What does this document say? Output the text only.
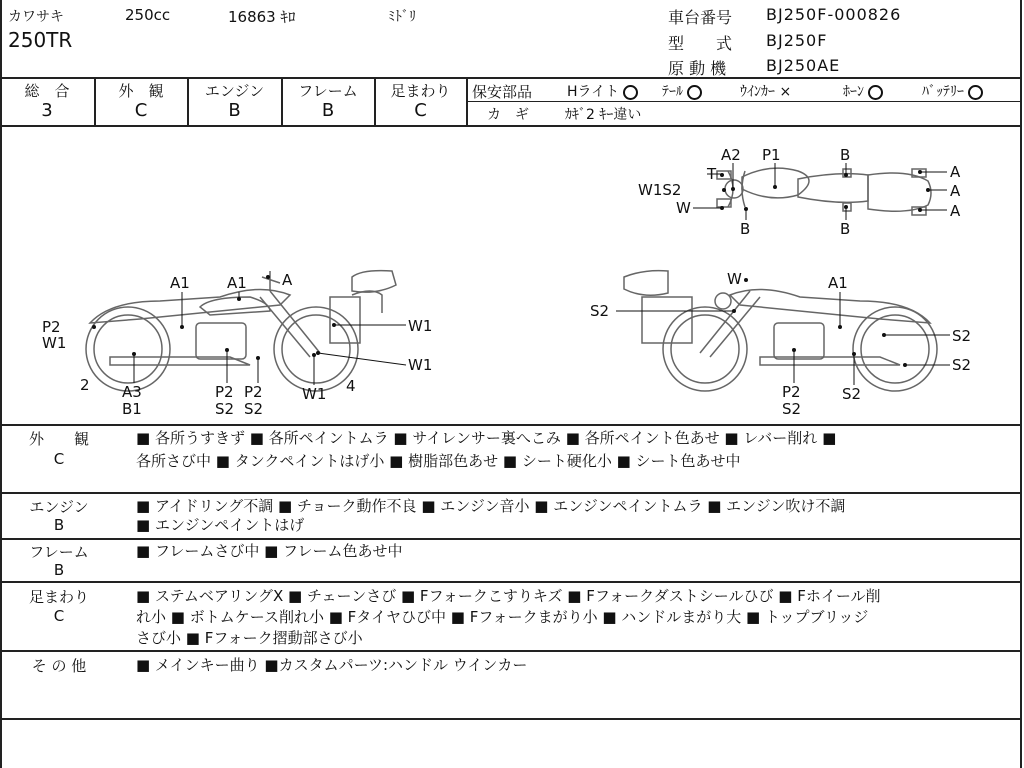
カワサキ	250cc	16863 ｷﾛ	ﾐﾄﾞﾘ
250TR
車台番号 BJ250F-000826
型　　式 BJ250F
原 動 機 BJ250AE
総　合
3
外　観
C
エンジン
B
フレーム
B
足まわり
C
保安部品 Hライト	ﾃｰﾙ	ｳｲﾝｶｰ ×	ﾎｰﾝ	ﾊﾞｯﾃﾘｰ
カ　ギ	ｶｷﾞ2 ｷｰ違い
T
W1S2
W
A2 P1	B
B	B
A
A
A
A1 A1 A
P2
W1
2 A3
B1
P2
S2
P2
S2
W1
W1
W1
4
W	A1
S2
S2
S2
P2
S2
S2
外　　観
C
■ 各所うすきず ■ 各所ペイントムラ ■ サイレンサー裏へこみ ■ 各所ペイント色あせ ■ レバー削れ ■
各所さび中 ■ タンクペイントはげ小 ■ 樹脂部色あせ ■ シート硬化小 ■ シート色あせ中
エンジン
B
■ アイドリング不調 ■ チョーク動作不良 ■ エンジン音小 ■ エンジンペイントムラ ■ エンジン吹け不調
■ エンジンペイントはげ
フレーム
B
■ フレームさび中 ■ フレーム色あせ中
足まわり
C
■ ステムベアリングX ■ チェーンさび ■ Fフォークこすりキズ ■ Fフォークダストシールひび ■ Fホイール削
れ小 ■ ボトムケース削れ小 ■ Fタイヤひび中 ■ Fフォークまがり小 ■ ハンドルまがり大 ■ トップブリッジ
さび小 ■ Fフォーク摺動部さび小
そ の 他	■ メインキー曲り ■カスタムパーツ:ハンドル ウインカー
